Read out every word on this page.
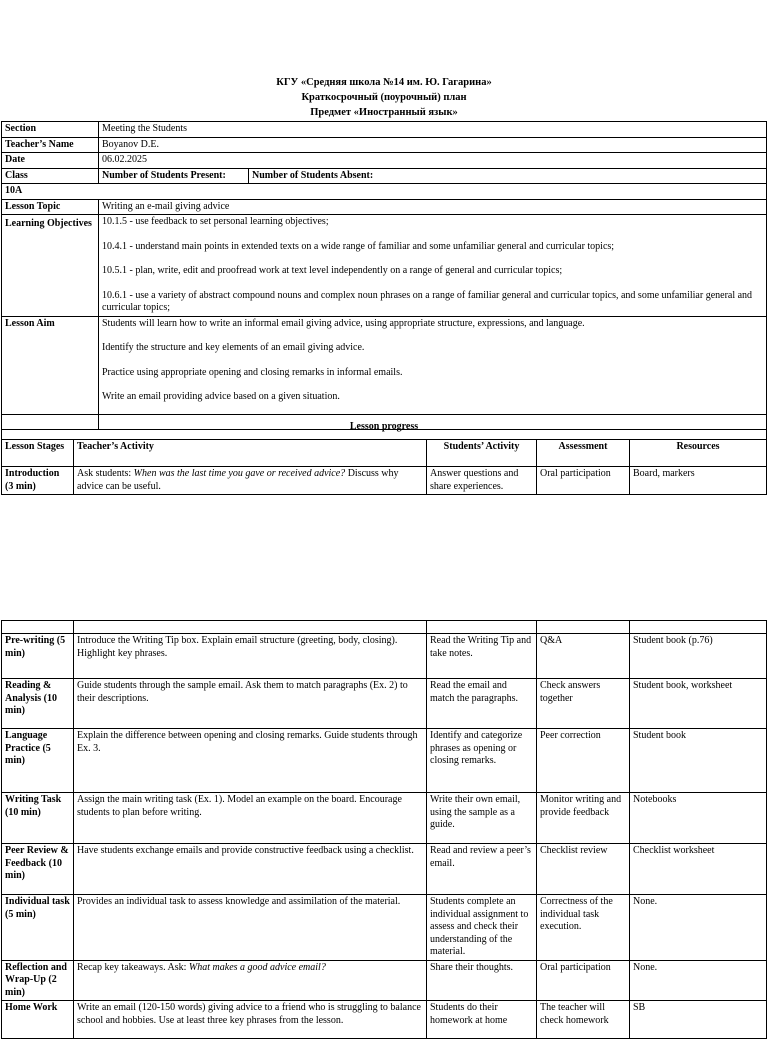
КГУ «Средняя школа №14 им. Ю. Гагарина»
Краткосрочный (поурочный) план
Предмет «Иностранный язык»
Section	Meeting the Students	
Teacher’s Name	Boyanov D.E.	
Date	06.02.2025	
Class	Number of Students Present:	Number of Students Absent:
10A		
Lesson Topic	Writing an e-mail giving advice	
Learning Objectives	10.1.5 - use feedback to set personal learning objectives;

10.4.1 - understand main points in extended texts on a wide range of familiar and some unfamiliar general and curricular topics;

10.5.1 - plan, write, edit and proofread work at text level independently on a range of general and curricular topics;

10.6.1 - use a variety of abstract compound nouns and complex noun phrases on a range of familiar general and curricular topics, and some unfamiliar general and curricular topics;	

Lesson Aim	Students will learn how to write an informal email giving advice, using appropriate structure, expressions, and language.

Identify the structure and key elements of an email giving advice.

Practice using appropriate opening and closing remarks in informal emails.

Write an email providing advice based on a given situation.	

Lesson progress				
Lesson Stages	Teacher’s Activity	Students’ Activity	Assessment	Resources
Introduction (3 min)	Ask students: When was the last time you gave or received advice? Discuss why advice can be useful.	Answer questions and share experiences.	Oral participation	Board, markers

Pre-writing (5 min)	Introduce the Writing Tip box. Explain email structure (greeting, body, closing). Highlight key phrases.	Read the Writing Tip and take notes.	Q&A	Student book (p.76)
Reading & Analysis (10 min)	Guide students through the sample email. Ask them to match paragraphs (Ex. 2) to their descriptions.	Read the email and match the paragraphs.	Check answers together	Student book, worksheet
Language Practice (5 min)	Explain the difference between opening and closing remarks. Guide students through Ex. 3.	Identify and categorize phrases as opening or closing remarks.	Peer correction	Student book
Writing Task (10 min)	Assign the main writing task (Ex. 1). Model an example on the board. Encourage students to plan before writing.	Write their own email, using the sample as a guide.	Monitor writing and provide feedback	Notebooks
Peer Review & Feedback (10 min)	Have students exchange emails and provide constructive feedback using a checklist.	Read and review a peer’s email.	Checklist review	Checklist worksheet
Individual task (5 min)	Provides an individual task to assess knowledge and assimilation of the material.	Students complete an individual assignment to assess and check their understanding of the material.	Correctness of the individual task execution.	None.
Reflection and Wrap-Up (2 min)	Recap key takeaways. Ask: What makes a good advice email?	Share their thoughts.	Oral participation	None.
Home Work	Write an email (120-150 words) giving advice to a friend who is struggling to balance school and hobbies. Use at least three key phrases from the lesson.	Students do their homework at home	The teacher will check homework	SB
